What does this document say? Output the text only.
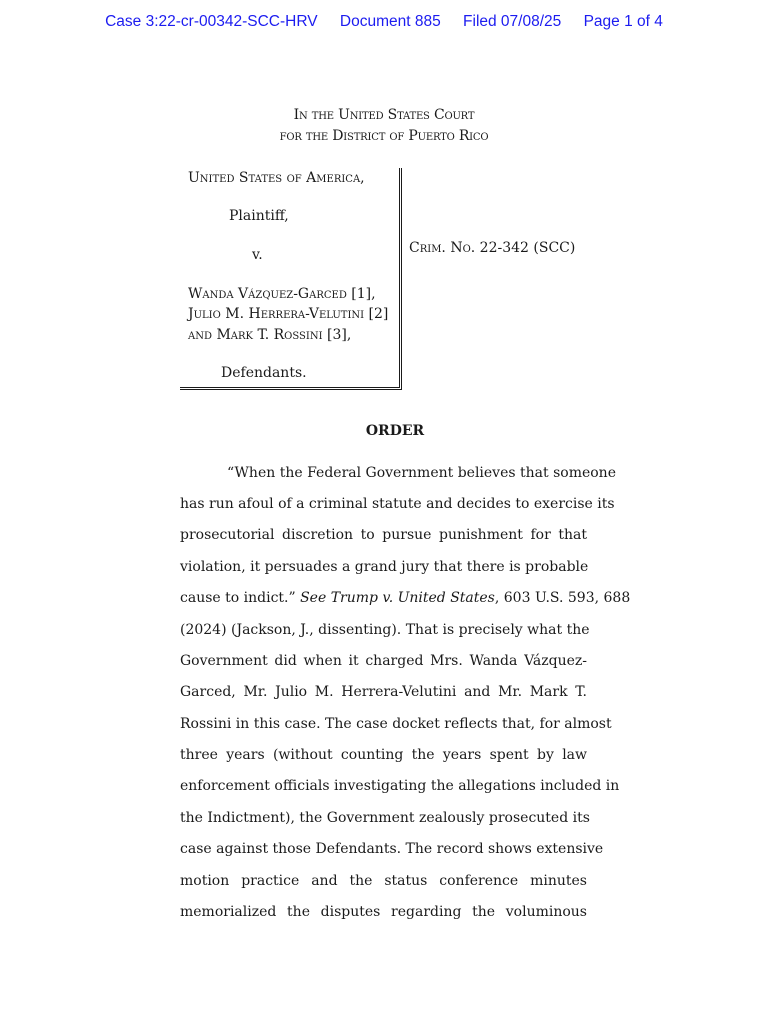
Case 3:22-cr-00342-SCC-HRV Document 885 Filed 07/08/25 Page 1 of 4
In the United States Court
for the District of Puerto Rico
United States of America,
Plaintiff,
v.
Wanda Vázquez-Garced [1],
Julio M. Herrera-Velutini [2]
and Mark T. Rossini [3],
Defendants.
Crim. No. 22-342 (SCC)
ORDER
“When the Federal Government believes that someone
has run afoul of a criminal statute and decides to exercise its
prosecutorial discretion to pursue punishment for that
violation, it persuades a grand jury that there is probable
cause to indict.” See Trump v. United States, 603 U.S. 593, 688
(2024) (Jackson, J., dissenting). That is precisely what the
Government did when it charged Mrs. Wanda Vázquez-
Garced, Mr. Julio M. Herrera-Velutini and Mr. Mark T.
Rossini in this case. The case docket reflects that, for almost
three years (without counting the years spent by law
enforcement officials investigating the allegations included in
the Indictment), the Government zealously prosecuted its
case against those Defendants. The record shows extensive
motion practice and the status conference minutes
memorialized the disputes regarding the voluminous
